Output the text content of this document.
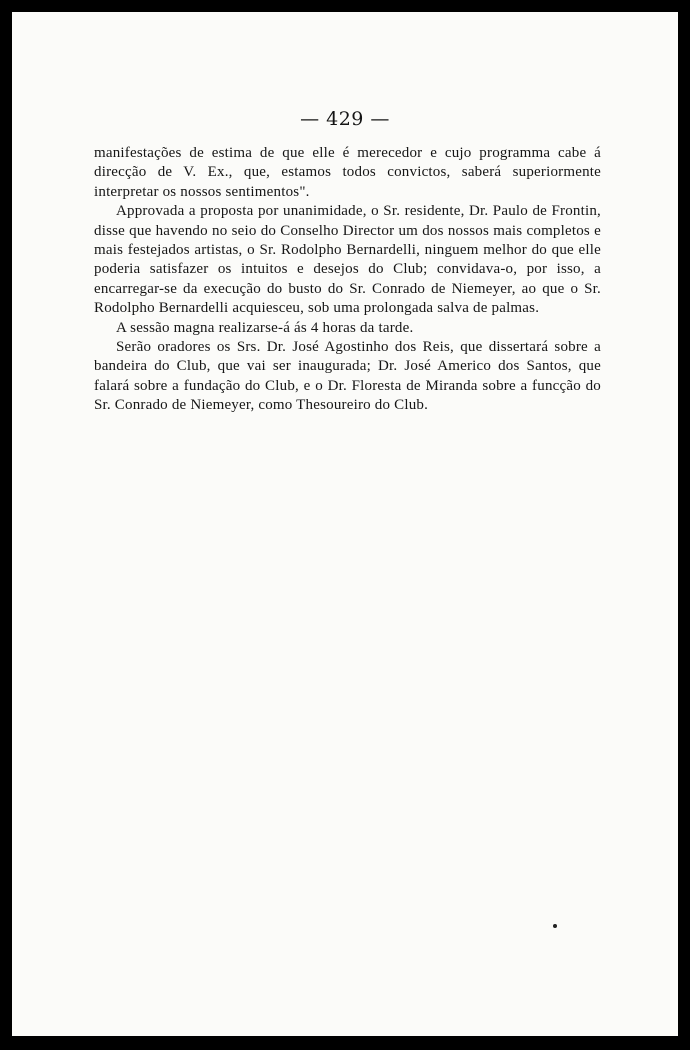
— 429 —

manifestações de estima de que elle é merecedor e cujo programma cabe á direcção de V. Ex., que, estamos todos convictos, saberá superiormente interpretar os nossos sentimentos".

Approvada a proposta por unanimidade, o Sr. residente, Dr. Paulo de Frontin, disse que havendo no seio do Conselho Director um dos nossos mais completos e mais festejados artistas, o Sr. Rodolpho Bernardelli, ninguem melhor do que elle poderia satisfazer os intuitos e desejos do Club; convidava-o, por isso, a encarregar-se da execução do busto do Sr. Conrado de Niemeyer, ao que o Sr. Rodolpho Bernardelli acquiesceu, sob uma prolongada salva de palmas.

A sessão magna realizarse-á ás 4 horas da tarde.

Serão oradores os Srs. Dr. José Agostinho dos Reis, que dissertará sobre a bandeira do Club, que vai ser inaugurada; Dr. José Americo dos Santos, que falará sobre a fundação do Club, e o Dr. Floresta de Miranda sobre a funcção do Sr. Conrado de Niemeyer, como Thesoureiro do Club.
